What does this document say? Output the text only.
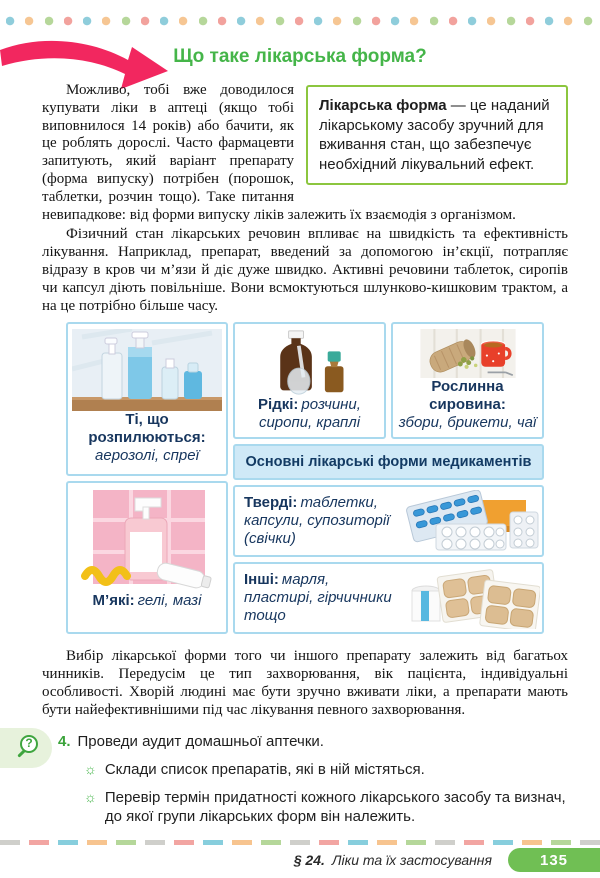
Що таке лікарська форма?
Лікарська форма — це наданий лікарському засобу зручний для вживання стан, що забезпечує необхідний лікувальний ефект.

Можливо, тобі вже доводилося купувати ліки в аптеці (якщо тобі виповнилося 14 років) або бачити, як це роблять дорослі. Часто фармацевти запитують, який варіант препарату (форма випуску) потрібен (порошок, таблетки, розчин тощо). Таке питання невипадкове: від форми випуску ліків залежить їх взаємодія з організмом.

Фізичний стан лікарських речовин впливає на швидкість та ефективність лікування. Наприклад, препарат, введений за допомогою ін’єкції, потрапляє відразу в кров чи м’язи й діє дуже швидко. Активні речовини таблеток, сиропів чи капсул діють повільніше. Вони всмоктуються шлунково-кишковим трактом, а на це потрібно більше часу.

Ті, що розпилюються:
аерозолі, спреї
М’які: гелі, мазі
Рідкі: розчини, сиропи, краплі
Рослинна сировина:
збори, брикети, чаї
Основні лікарські форми медикаментів
Тверді: таблетки, капсули, супозиторії (свічки)
Інші: марля, пластирі, гірчичники тощо

Вибір лікарської форми того чи іншого препарату залежить від багатьох чинників. Передусім це тип захворювання, вік пацієнта, індивідуальні особливості. Хворій людині має бути зручно вживати ліки, а препарати мають бути найефективнішими під час лікування певного захворювання.

?	4. Проведи аудит домашньої аптечки.
☼ Склади список препаратів, які в ній містяться.
☼ Перевір термін придатності кожного лікарського засобу та визнач, до якої групи лікарських форм він належить.
§ 24. Ліки та їх застосування	135
